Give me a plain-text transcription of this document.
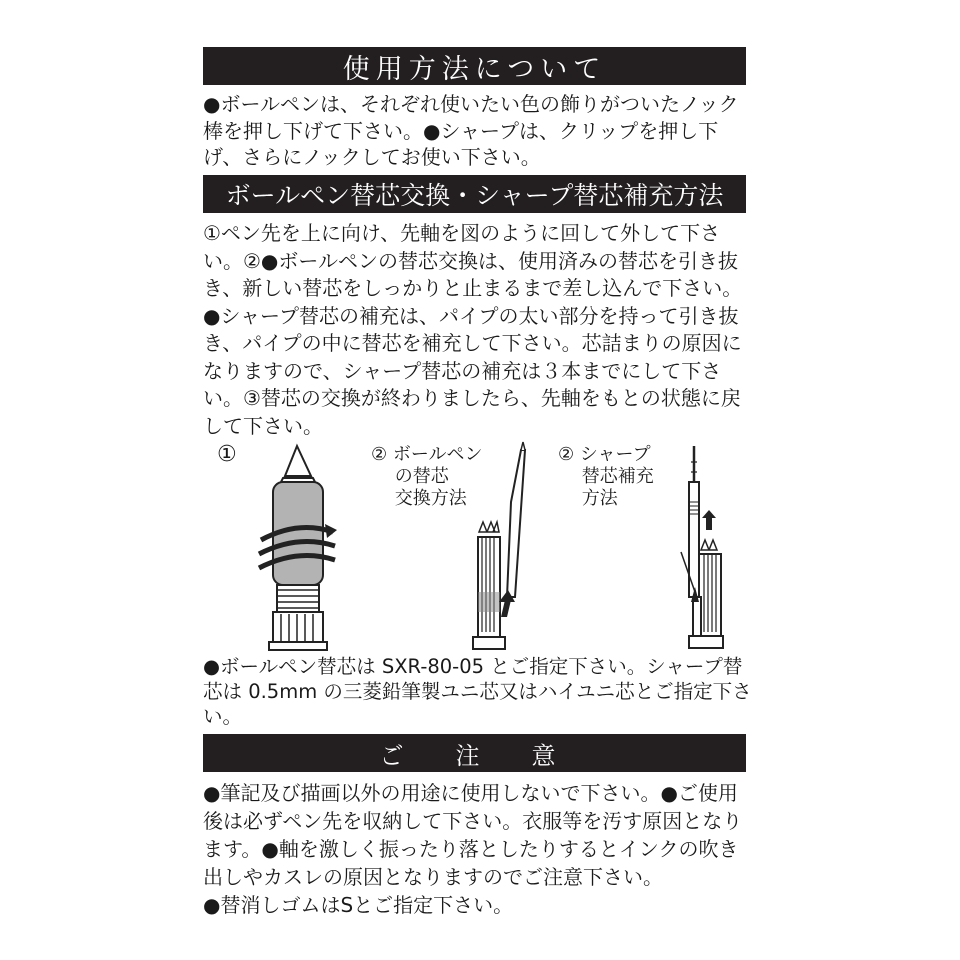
使用方法について

●ボールペンは、それぞれ使いたい色の飾りがついたノック棒を押し下げて下さい。●シャープは、クリップを押し下げ、さらにノックしてお使い下さい。

ボールペン替芯交換・シャープ替芯補充方法

①ペン先を上に向け、先軸を図のように回して外して下さい。②●ボールペンの替芯交換は、使用済みの替芯を引き抜き、新しい替芯をしっかりと止まるまで差し込んで下さい。●シャープ替芯の補充は、パイプの太い部分を持って引き抜き、パイプの中に替芯を補充して下さい。芯詰まりの原因になりますので、シャープ替芯の補充は３本までにして下さい。③替芯の交換が終わりましたら、先軸をもとの状態に戻して下さい。

①	② ボールペン
　 の替芯
　 交換方法
② シャープ
　 替芯補充
　 方法

●ボールペン替芯は SXR-80-05 とご指定下さい。シャープ替芯は 0.5mm の三菱鉛筆製ユニ芯又はハイユニ芯とご指定下さい。

ご　注　意

●筆記及び描画以外の用途に使用しないで下さい。●ご使用後は必ずペン先を収納して下さい。衣服等を汚す原因となります。●軸を激しく振ったり落としたりするとインクの吹き出しやカスレの原因となりますのでご注意下さい。
●替消しゴムはSとご指定下さい。
